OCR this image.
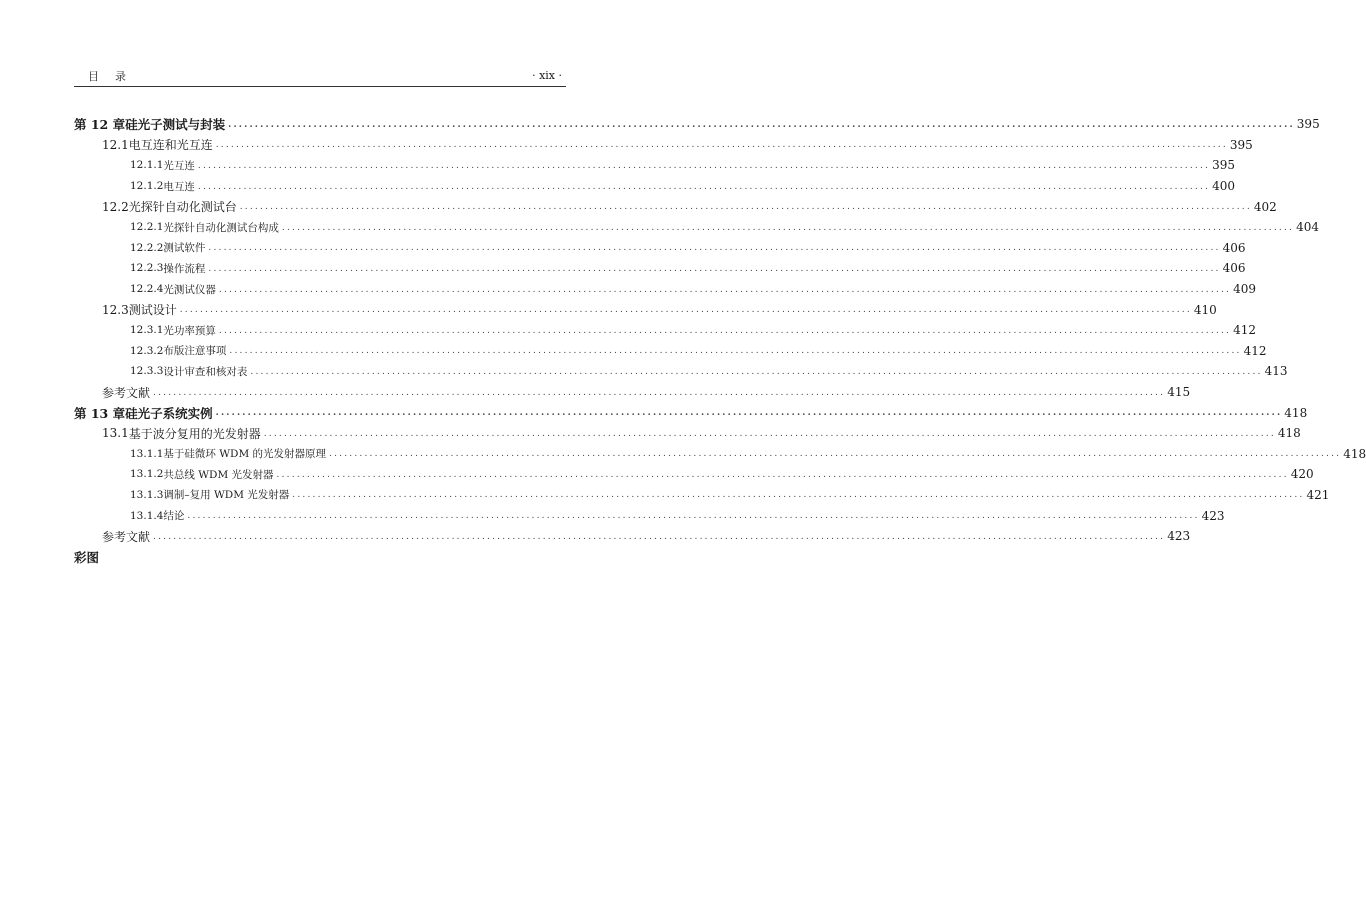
目录	· xix ·
第 12 章 硅光子测试与封装 ........................................................................................................................................................................................................ 395
12.1 电互连和光互连 ........................................................................................................................................................................................................ 395
12.1.1 光互连 ........................................................................................................................................................................................................ 395
12.1.2 电互连 ........................................................................................................................................................................................................ 400
12.2 光探针自动化测试台 ........................................................................................................................................................................................................ 402
12.2.1 光探针自动化测试台构成 ........................................................................................................................................................................................................ 404
12.2.2 测试软件 ........................................................................................................................................................................................................ 406
12.2.3 操作流程 ........................................................................................................................................................................................................ 406
12.2.4 光测试仪器 ........................................................................................................................................................................................................ 409
12.3 测试设计 ........................................................................................................................................................................................................ 410
12.3.1 光功率预算 ........................................................................................................................................................................................................ 412
12.3.2 布版注意事项 ........................................................................................................................................................................................................ 412
12.3.3 设计审查和核对表 ........................................................................................................................................................................................................ 413
参考文献 ........................................................................................................................................................................................................ 415
第 13 章 硅光子系统实例 ........................................................................................................................................................................................................ 418
13.1 基于波分复用的光发射器 ........................................................................................................................................................................................................ 418
13.1.1 基于硅微环 WDM 的光发射器原理 ........................................................................................................................................................................................................ 418
13.1.2 共总线 WDM 光发射器 ........................................................................................................................................................................................................ 420
13.1.3 调制–复用 WDM 光发射器 ........................................................................................................................................................................................................ 421
13.1.4 结论 ........................................................................................................................................................................................................ 423
参考文献 ........................................................................................................................................................................................................ 423
彩图
